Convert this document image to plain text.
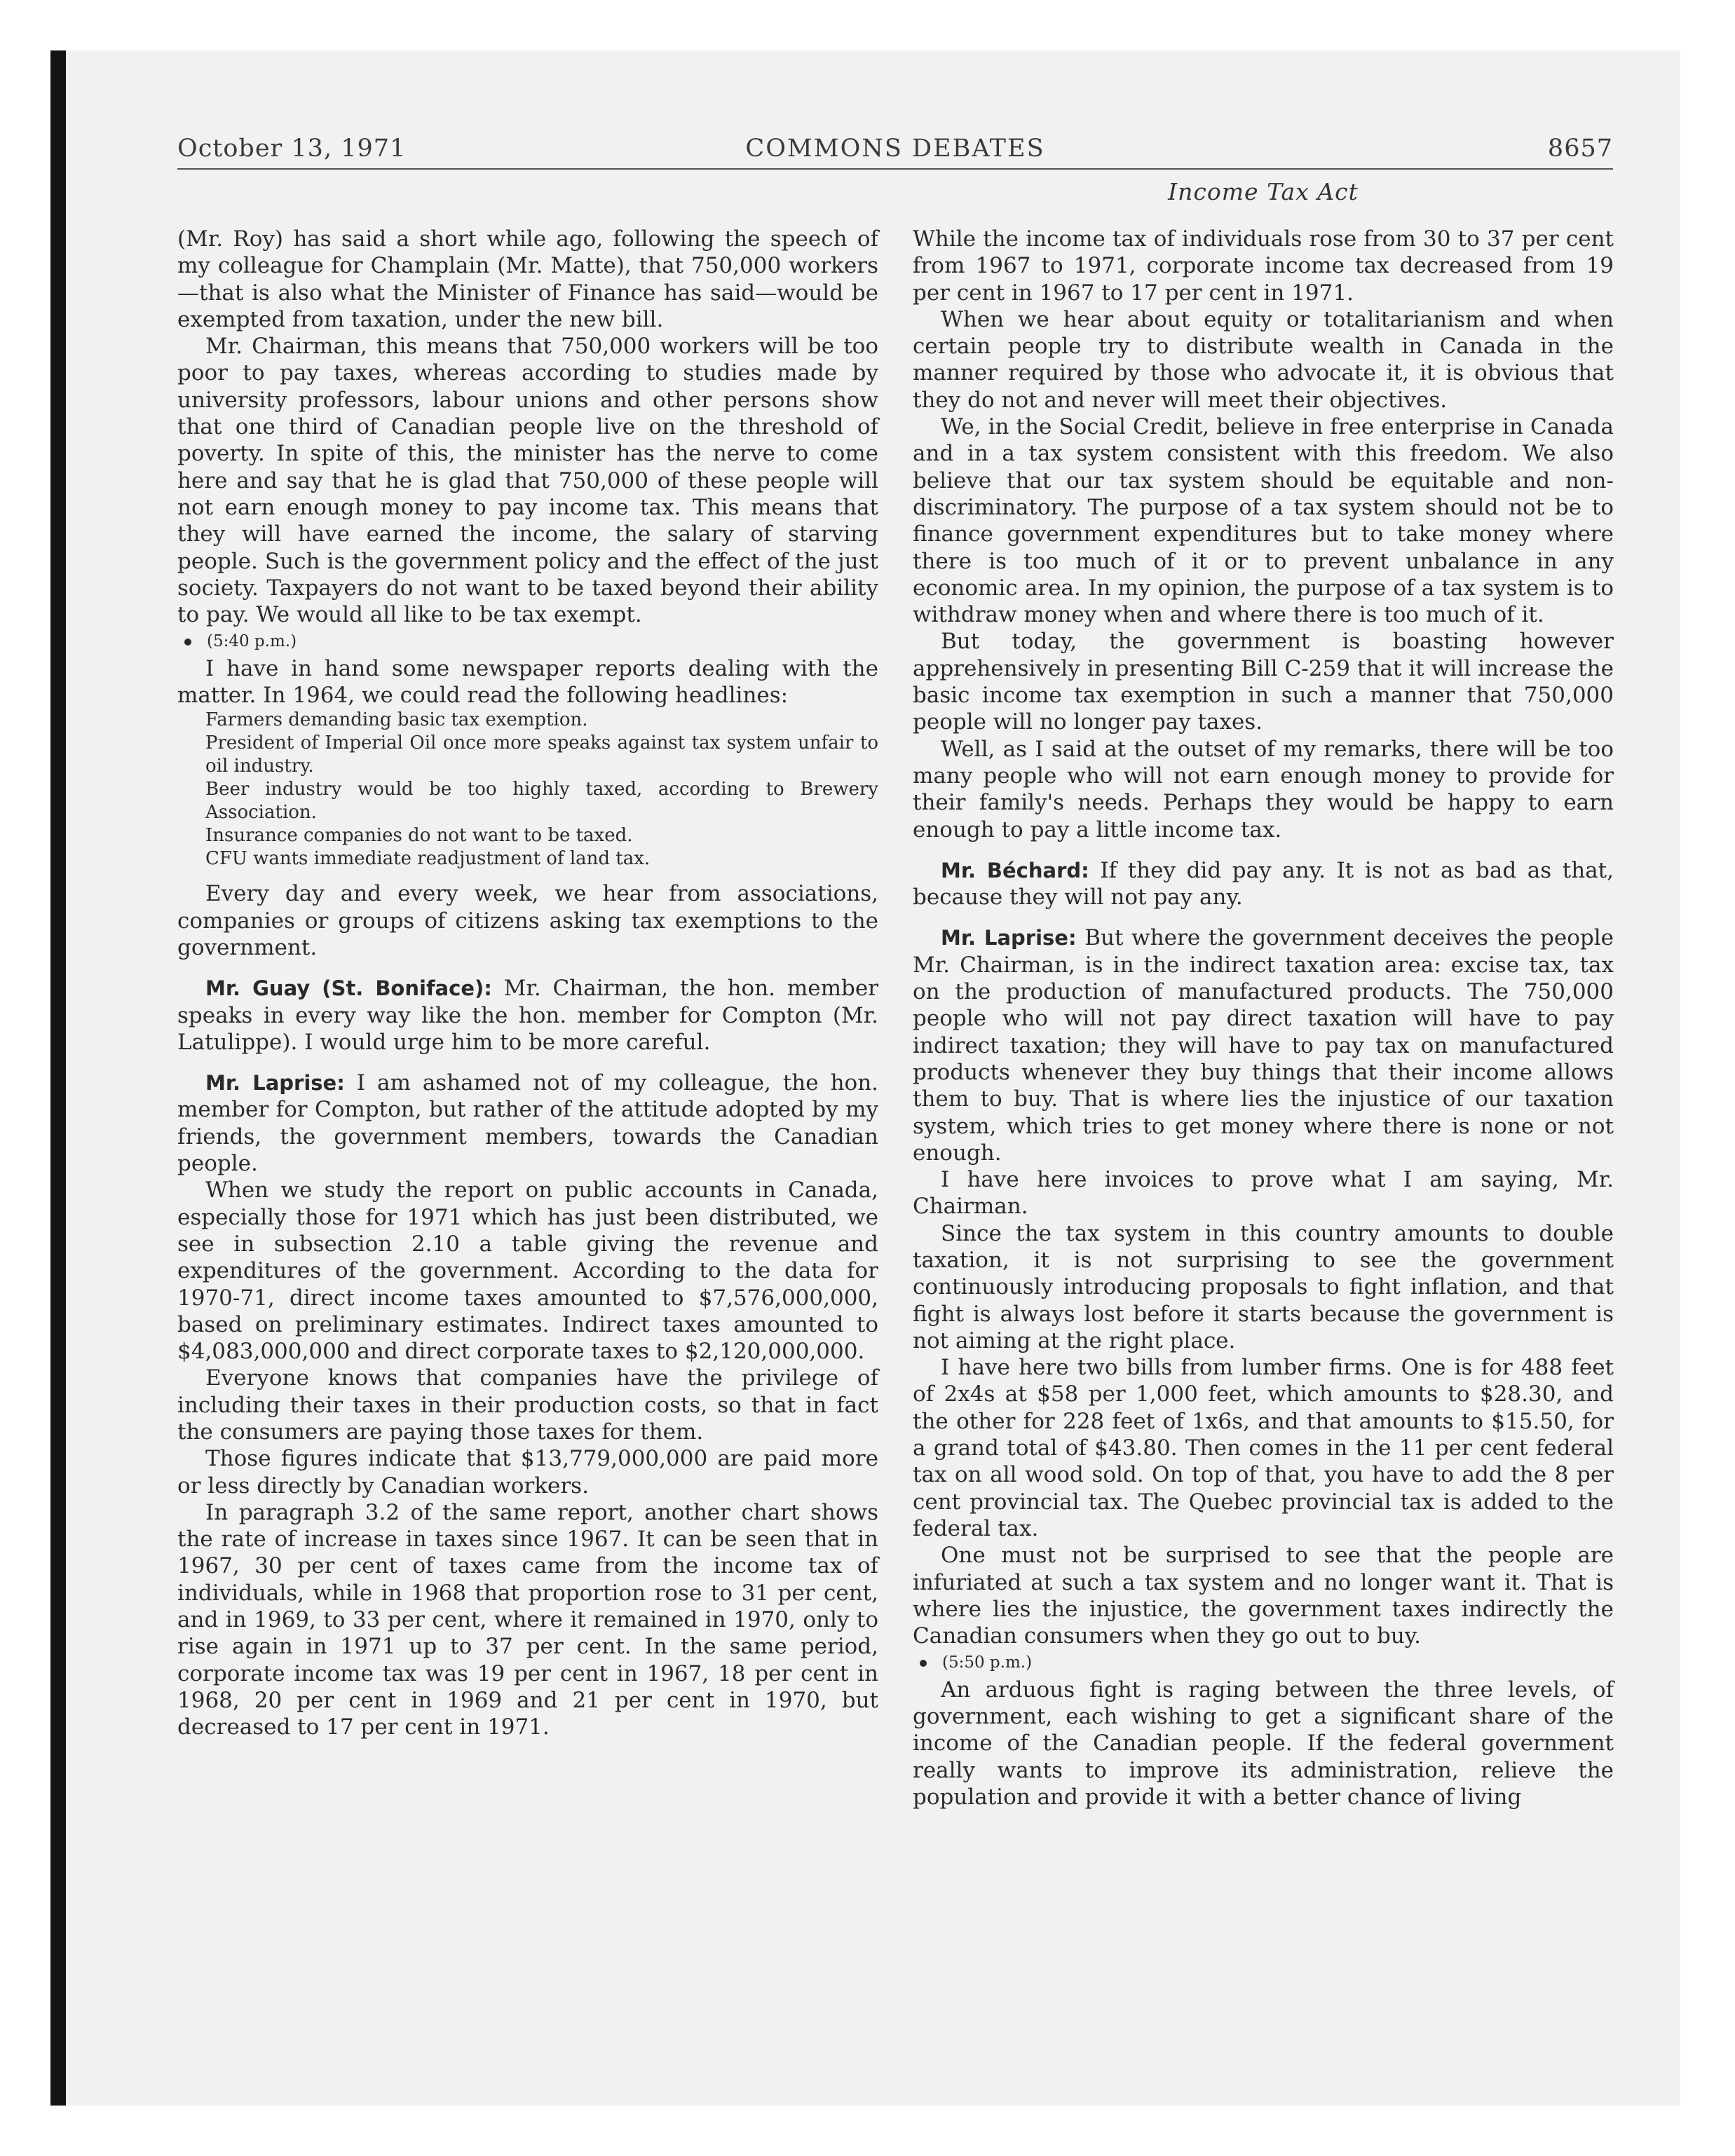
October 13, 1971	COMMONS DEBATES	8657
Income Tax Act

(Mr. Roy) has said a short while ago, following the speech of my colleague for Champlain (Mr. Matte), that 750,000 workers—that is also what the Minister of Finance has said—would be exempted from taxation, under the new bill.

Mr. Chairman, this means that 750,000 workers will be too poor to pay taxes, whereas according to studies made by university professors, labour unions and other persons show that one third of Canadian people live on the threshold of poverty. In spite of this, the minister has the nerve to come here and say that he is glad that 750,000 of these people will not earn enough money to pay income tax. This means that they will have earned the income, the salary of starving people. Such is the government policy and the effect of the just society. Taxpayers do not want to be taxed beyond their ability to pay. We would all like to be tax exempt.

(5:40 p.m.)

I have in hand some newspaper reports dealing with the matter. In 1964, we could read the following headlines:

Farmers demanding basic tax exemption.

President of Imperial Oil once more speaks against tax system unfair to oil industry.

Beer industry would be too highly taxed, according to Brewery Association.

Insurance companies do not want to be taxed.

CFU wants immediate readjustment of land tax.

Every day and every week, we hear from associations, companies or groups of citizens asking tax exemptions to the government.

Mr. Guay (St. Boniface): Mr. Chairman, the hon. member speaks in every way like the hon. member for Compton (Mr. Latulippe). I would urge him to be more careful.

Mr. Laprise: I am ashamed not of my colleague, the hon. member for Compton, but rather of the attitude adopted by my friends, the government members, towards the Canadian people.

When we study the report on public accounts in Canada, especially those for 1971 which has just been distributed, we see in subsection 2.10 a table giving the revenue and expenditures of the government. According to the data for 1970-71, direct income taxes amounted to $7,576,000,000, based on preliminary estimates. Indirect taxes amounted to $4,083,000,000 and direct corporate taxes to $2,120,000,000.

Everyone knows that companies have the privilege of including their taxes in their production costs, so that in fact the consumers are paying those taxes for them.

Those figures indicate that $13,779,000,000 are paid more or less directly by Canadian workers.

In paragraph 3.2 of the same report, another chart shows the rate of increase in taxes since 1967. It can be seen that in 1967, 30 per cent of taxes came from the income tax of individuals, while in 1968 that proportion rose to 31 per cent, and in 1969, to 33 per cent, where it remained in 1970, only to rise again in 1971 up to 37 per cent. In the same period, corporate income tax was 19 per cent in 1967, 18 per cent in 1968, 20 per cent in 1969 and 21 per cent in 1970, but decreased to 17 per cent in 1971.

While the income tax of individuals rose from 30 to 37 per cent from 1967 to 1971, corporate income tax decreased from 19 per cent in 1967 to 17 per cent in 1971.

When we hear about equity or totalitarianism and when certain people try to distribute wealth in Canada in the manner required by those who advocate it, it is obvious that they do not and never will meet their objectives.

We, in the Social Credit, believe in free enterprise in Canada and in a tax system consistent with this freedom. We also believe that our tax system should be equitable and non-discriminatory. The purpose of a tax system should not be to finance government expenditures but to take money where there is too much of it or to prevent unbalance in any economic area. In my opinion, the purpose of a tax system is to withdraw money when and where there is too much of it.

But today, the government is boasting however apprehensively in presenting Bill C-259 that it will increase the basic income tax exemption in such a manner that 750,000 people will no longer pay taxes.

Well, as I said at the outset of my remarks, there will be too many people who will not earn enough money to provide for their family's needs. Perhaps they would be happy to earn enough to pay a little income tax.

Mr. Béchard: If they did pay any. It is not as bad as that, because they will not pay any.

Mr. Laprise: But where the government deceives the people Mr. Chairman, is in the indirect taxation area: excise tax, tax on the production of manufactured products. The 750,000 people who will not pay direct taxation will have to pay indirect taxation; they will have to pay tax on manufactured products whenever they buy things that their income allows them to buy. That is where lies the injustice of our taxation system, which tries to get money where there is none or not enough.

I have here invoices to prove what I am saying, Mr. Chairman.

Since the tax system in this country amounts to double taxation, it is not surprising to see the government continuously introducing proposals to fight inflation, and that fight is always lost before it starts because the government is not aiming at the right place.

I have here two bills from lumber firms. One is for 488 feet of 2x4s at $58 per 1,000 feet, which amounts to $28.30, and the other for 228 feet of 1x6s, and that amounts to $15.50, for a grand total of $43.80. Then comes in the 11 per cent federal tax on all wood sold. On top of that, you have to add the 8 per cent provincial tax. The Quebec provincial tax is added to the federal tax.

One must not be surprised to see that the people are infuriated at such a tax system and no longer want it. That is where lies the injustice, the government taxes indirectly the Canadian consumers when they go out to buy.

(5:50 p.m.)

An arduous fight is raging between the three levels, of government, each wishing to get a significant share of the income of the Canadian people. If the federal government really wants to improve its administration, relieve the population and provide it with a better chance of living
